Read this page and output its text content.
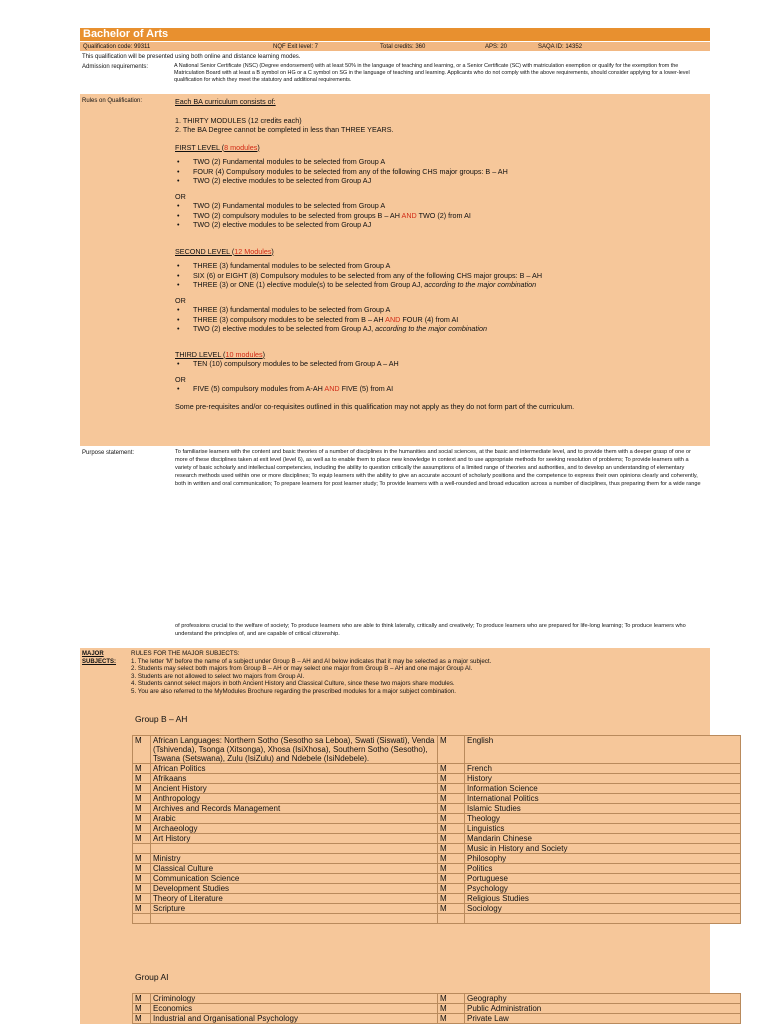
Bachelor of Arts
Qualification code: 99311	NQF Exit level: 7	Total credits: 360	APS: 20	SAQA ID: 14352
This qualification will be presented using both online and distance learning modes.
Admission requirements:	A National Senior Certificate (NSC) (Degree endorsement) with at least 50% in the language of teaching and learning, or a Senior Certificate (SC) with matriculation exemption or qualify for the exemption from the Matriculation Board with at least a B symbol on HG or a C symbol on SG in the language of teaching and learning. Applicants who do not comply with the above requirements, should consider applying for a lower-level qualification for which they meet the statutory and additional requirements.
Rules on Qualification:	Each BA curriculum consists of:
1. THIRTY MODULES (12 credits each)
2. The BA Degree cannot be completed in less than THREE YEARS.
FIRST LEVEL (8 modules)
• TWO (2) Fundamental modules to be selected from Group A
• FOUR (4) Compulsory modules to be selected from any of the following CHS major groups: B – AH
• TWO (2) elective modules to be selected from Group AJ
OR
• TWO (2) Fundamental modules to be selected from Group A
• TWO (2) compulsory modules to be selected from groups B – AH AND TWO (2) from AI
• TWO (2) elective modules to be selected from Group AJ
SECOND LEVEL (12 Modules)
• THREE (3) fundamental modules to be selected from Group A
• SIX (6) or EIGHT (8) Compulsory modules to be selected from any of the following CHS major groups: B – AH
• THREE (3) or ONE (1) elective module(s) to be selected from Group AJ, according to the major combination
OR
• THREE (3) fundamental modules to be selected from Group A
• THREE (3) compulsory modules to be selected from B – AH AND FOUR (4) from AI
• TWO (2) elective modules to be selected from Group AJ, according to the major combination
THIRD LEVEL (10 modules)
• TEN (10) compulsory modules to be selected from Group A – AH
OR
• FIVE (5) compulsory modules from A-AH AND FIVE (5) from AI
Some pre-requisites and/or co-requisites outlined in this qualification may not apply as they do not form part of the curriculum.
Purpose statement:	To familiarise learners with the content and basic theories of a number of disciplines in the humanities and social sciences, at the basic and intermediate level, and to provide them with a deeper grasp of one or more of these disciplines taken at exit level (level 6), as well as to enable them to place new knowledge in context and to use appropriate methods for seeking resolution of problems; To provide learners with a variety of basic scholarly and intellectual competencies, including the ability to question critically the assumptions of a limited range of theories and authorities, and to develop an understanding of elementary research methods used within one or more disciplines; To equip learners with the ability to give an accurate account of scholarly positions and the competence to express their own opinions clearly and coherently, both in written and oral communication; To prepare learners for post learner study; To provide learners with a well-rounded and broad education across a number of disciplines, thus preparing them for a wide range
of professions crucial to the welfare of society; To produce learners who are able to think laterally, critically and creatively; To produce learners who are prepared for life-long learning; To produce learners who understand the principles of, and are capable of critical citizenship.
MAJOR SUBJECTS:
RULES FOR THE MAJOR SUBJECTS:
1. The letter 'M' before the name of a subject under Group B – AH and AI below indicates that it may be selected as a major subject.
2. Students may select both majors from Group B – AH or may select one major from Group B – AH and one major Group AI.
3. Students are not allowed to select two majors from Group AI.
4. Students cannot select majors in both Ancient History and Classical Culture, since these two majors share modules.
5. You are also referred to the MyModules Brochure regarding the prescribed modules for a major subject combination.
Group B – AH
M	African Languages: Northern Sotho (Sesotho sa Leboa), Swati (Siswati), Venda (Tshivenda), Tsonga (Xitsonga), Xhosa (IsiXhosa), Southern Sotho (Sesotho), Tswana (Setswana), Zulu (IsiZulu) and Ndebele (IsiNdebele).	M	English
M	African Politics	M	French
M	Afrikaans	M	History
M	Ancient History	M	Information Science
M	Anthropology	M	International Politics
M	Archives and Records Management	M	Islamic Studies
M	Arabic	M	Theology
M	Archaeology	M	Linguistics
M	Art History	M	Mandarin Chinese
		M	Music in History and Society
M	Ministry	M	Philosophy
M	Classical Culture	M	Politics
M	Communication Science	M	Portuguese
M	Development Studies	M	Psychology
M	Theory of Literature	M	Religious Studies
M	Scripture	M	Sociology

Group AI
M	Criminology	M	Geography
M	Economics	M	Public Administration
M	Industrial and Organisational Psychology	M	Private Law
